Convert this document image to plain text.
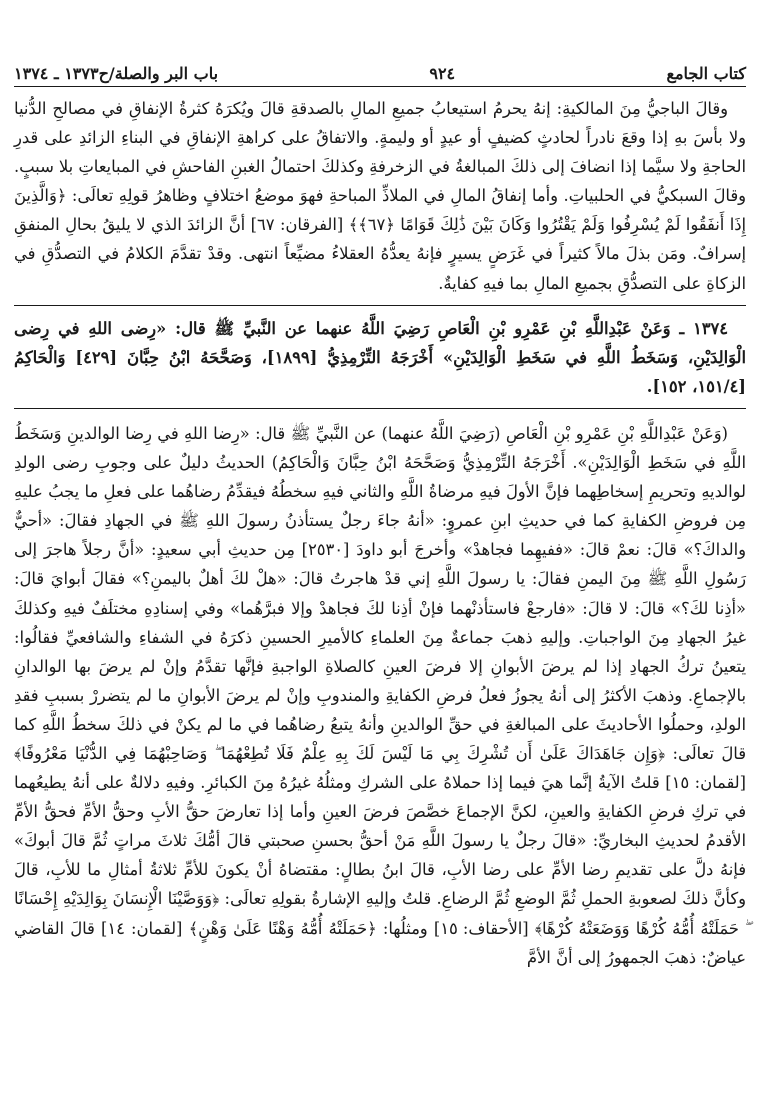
كتاب الجامع
٩٢٤
باب البر والصلة/ح١٣٧٣ ـ ١٣٧٤

وقالَ الباجيُّ مِنَ المالكيةِ: إنهُ يحرمُ استيعابُ جميعِ المالِ بالصدقةِ قالَ ويُكرَهُ كثرةُ الإنفاقِ في مصالحِ الدُّنيا ولا بأسَ بهِ إذا وقعَ نادراً لحادثٍ كضيفٍ أو عيدٍ أو وليمةٍ. والاتفاقُ على كراهةِ الإنفاقِ في البناءِ الزائدِ على قدرِ الحاجةِ ولا سيَّما إذا انضافَ إلى ذلكَ المبالغةُ في الزخرفةِ وكذلكَ احتمالُ الغبنِ الفاحشِ في المبايعاتِ بلا سببٍ. وقالَ السبكيُّ في الحلبياتِ. وأما إنفاقُ المالِ في الملاذِّ المباحةِ فهوَ موضعُ اختلافٍ وظاهرُ قولِهِ تعالَى: ﴿وَالَّذِينَ إِذَا أَنفَقُوا لَمْ يُسْرِفُوا وَلَمْ يَقْتُرُوا وَكَانَ بَيْنَ ذَٰلِكَ قَوَامًا ﴿٦٧﴾﴾ [الفرقان: ٦٧] أنَّ الزائدَ الذي لا يليقُ بحالِ المنفقِ إسرافٌ. ومَن بذلَ مالاً كثيراً في غَرَضٍ يسيرٍ فإنهُ يعدُّهُ العقلاءُ مضيِّعاً انتهى. وقدْ تقدَّمَ الكلامُ في التصدُّقِ في الزكاةِ على التصدُّقِ بجميعِ المالِ بما فيهِ كفايةٌ.

١٣٧٤ ـ وَعَنْ عَبْدِاللَّهِ بْنِ عَمْرِو بْنِ الْعَاصِ رَضِيَ اللَّهُ عنهما عن النَّبيِّ ﷺ قال: «رِضى اللهِ في رِضى الْوَالِدَيْنِ، وَسَخَطُ اللَّهِ في سَخَطِ الْوَالِدَيْنِ» أَخْرَجَهُ التِّرْمِذِيُّ [١٨٩٩]، وَصَحَّحَهُ ابْنُ حِبَّانَ [٤٢٩] وَالْحَاكِمُ [١٥١/٤، ١٥٢].

(وَعَنْ عَبْدِاللَّهِ بْنِ عَمْرِو بْنِ الْعَاصِ (رَضِيَ اللَّهُ عنهما) عن النَّبيِّ ﷺ قال: «رِضا اللهِ في رِضا الوالدينِ وَسَخَطُ اللَّهِ في سَخَطِ الْوَالِدَيْنِ». أَخْرَجَهُ التِّرْمِذِيُّ وَصَحَّحَهُ ابْنُ حِبَّانَ وَالْحَاكِمُ) الحديثُ دليلٌ على وجوبِ رضى الولدِ لوالديهِ وتحريمِ إسخاطِهما فإنَّ الأولَ فيهِ مرضاةُ اللَّهِ والثاني فيهِ سخطُهُ فيقدِّمُ رضاهُما على فعلِ ما يجبُ عليهِ مِن فروضِ الكفايةِ كما في حديثِ ابنِ عمروٍ: «أنهُ جاءَ رجلٌ يستأذنُ رسولَ اللهِ ﷺ في الجهادِ فقالَ: «أحيٌّ والداكَ؟» قالَ: نعمْ قالَ: «ففيهِما فجاهدْ» وأخرجَ أبو داودَ [٢٥٣٠] مِن حديثِ أبي سعيدٍ: «أنَّ رجلاً هاجرَ إلى رَسُولِ اللَّهِ ﷺ مِنَ اليمنِ فقالَ: يا رسولَ اللَّهِ إني قدْ هاجرتُ قالَ: «هلْ لكَ أهلٌ باليمنِ؟» فقالَ أبوايَ قالَ: «أذِنا لكَ؟» قالَ: لا قالَ: «فارجعْ فاستأذنْهما فإنْ أذِنا لكَ فجاهدْ وإلا فبرَّهُما» وفي إسنادِهِ مختلَفٌ فيهِ وكذلكَ غيرُ الجهادِ مِنَ الواجباتِ. وإليهِ ذهبَ جماعةٌ مِنَ العلماءِ كالأميرِ الحسينِ ذكرَهُ في الشفاءِ والشافعيِّ فقالُوا: يتعينُ تركُ الجهادِ إذا لم يرضَ الأبوانِ إلا فرضَ العينِ كالصلاةِ الواجبةِ فإنَّها تقدَّمُ وإنْ لم يرضَ بها الوالدانِ بالإجماعِ. وذهبَ الأكثرُ إلى أنهُ يجوزُ فعلُ فرضِ الكفايةِ والمندوبِ وإنْ لم يرضَ الأبوانِ ما لم يتضررْ بسببِ فقدِ الولدِ، وحملُوا الأحاديثَ على المبالغةِ في حقِّ الوالدينِ وأنهُ يتبعُ رضاهُما في ما لم يكنْ في ذلكَ سخطُ اللَّهِ كما قالَ تعالَى: ﴿وَإِن جَاهَدَاكَ عَلَىٰ أَن تُشْرِكَ بِي مَا لَيْسَ لَكَ بِهِ عِلْمٌ فَلَا تُطِعْهُمَا ۖ وَصَاحِبْهُمَا فِي الدُّنْيَا مَعْرُوفًا﴾ [لقمان: ١٥] قلتُ الآيةُ إنَّما هيَ فيما إذا حملاهُ على الشركِ ومثلُهُ غيرُهُ مِنَ الكبائرِ. وفيهِ دلالةٌ على أنهُ يطيعُهما في تركِ فرضِ الكفايةِ والعينِ، لكنَّ الإجماعَ خصَّصَ فرضَ العينِ وأما إذا تعارضَ حقُّ الأبِ وحقُّ الأمِّ فحقُّ الأمِّ الأقدمُ لحديثِ البخاريِّ: «قالَ رجلٌ يا رسولَ اللَّهِ مَنْ أحقُّ بحسنِ صحبتي قالَ أمُّكَ ثلاثَ مراتٍ ثُمَّ قالَ أبوكَ» فإنهُ دلَّ على تقديمِ رضا الأمِّ على رضا الأبِ، قالَ ابنُ بطالٍ: مقتضاهُ أنْ يكونَ للأمِّ ثلاثةُ أمثالِ ما للأبِ، قالَ وكأنَّ ذلكَ لصعوبةِ الحملِ ثُمَّ الوضعِ ثُمَّ الرضاعِ. قلتُ وإليهِ الإشارةُ بقولِهِ تعالَى: ﴿وَوَصَّيْنَا الْإِنسَانَ بِوَالِدَيْهِ إِحْسَانًا ۖ حَمَلَتْهُ أُمُّهُ كُرْهًا وَوَضَعَتْهُ كُرْهًا﴾ [الأحقاف: ١٥] ومثلُها: ﴿حَمَلَتْهُ أُمُّهُ وَهْنًا عَلَىٰ وَهْنٍ﴾ [لقمان: ١٤] قالَ القاضي عياضٌ: ذهبَ الجمهورُ إلى أنَّ الأمَّ
